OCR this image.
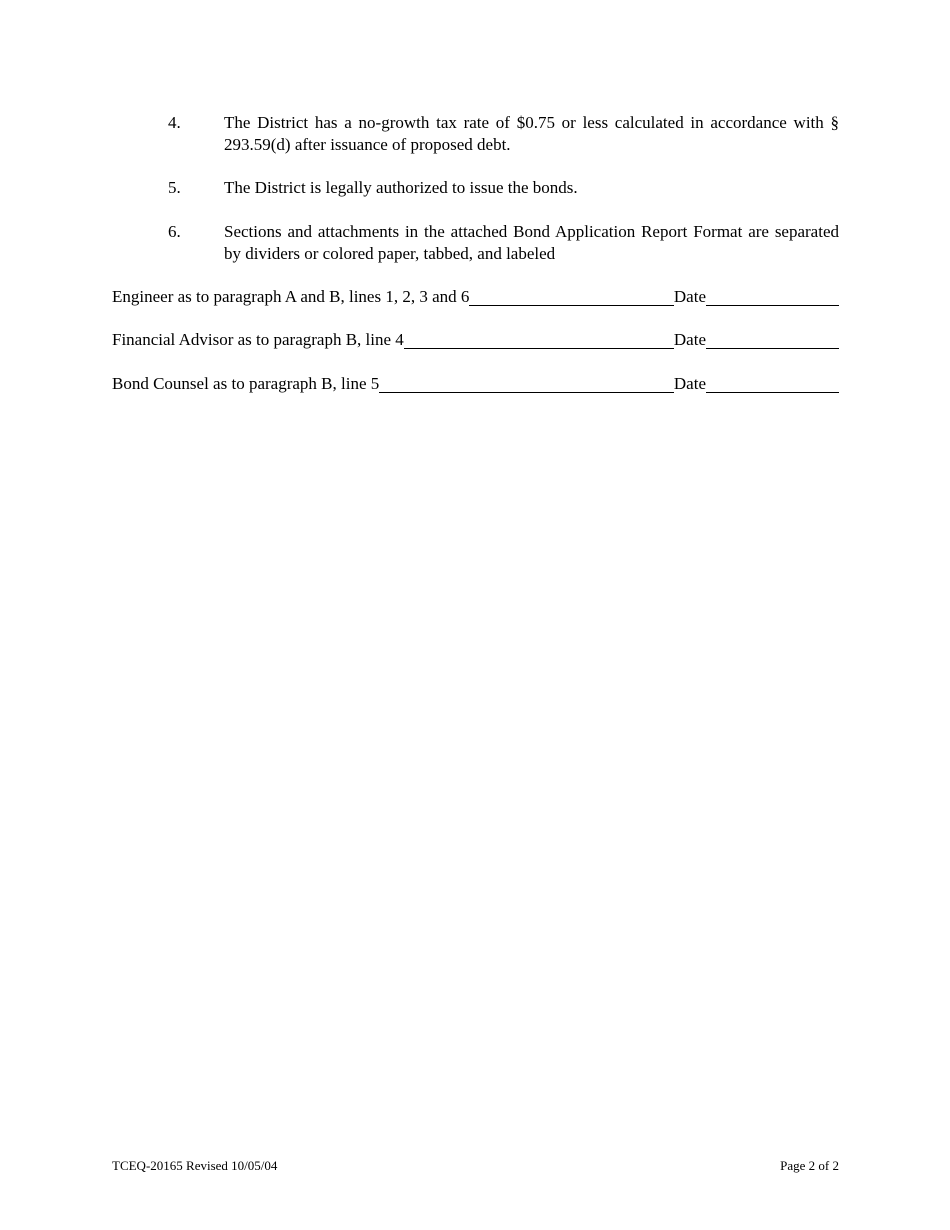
4.	The District has a no-growth tax rate of $0.75 or less calculated in accordance with § 293.59(d) after issuance of proposed debt.
5.	The District is legally authorized to issue the bonds.
6.	Sections and attachments in the attached Bond Application Report Format are separated by dividers or colored paper, tabbed, and labeled
Engineer as to paragraph A and B, lines 1, 2, 3 and 6	Date
Financial Advisor as to paragraph B, line 4	Date
Bond Counsel as to paragraph B, line 5	Date
TCEQ-20165 Revised 10/05/04	Page 2 of 2
